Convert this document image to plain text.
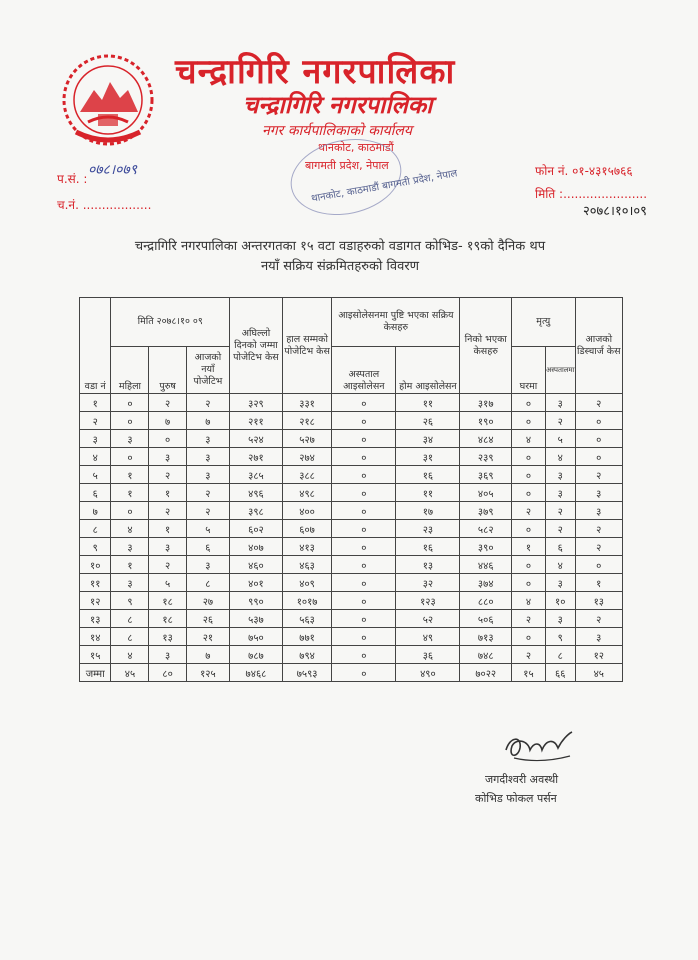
चन्द्रागिरि नगरपालिका
चन्द्रागिरि नगरपालिका
नगर कार्यपालिकाको कार्यालय
थानकोट, काठमाडौं
बागमती प्रदेश, नेपाल
थानकोट, काठमाडौं बागमती प्रदेश, नेपाल
प.सं. :
०७८।०७९
च.नं. ..................
फोन नं. ०१-४३१५७६६
मिति :......................
२०७८।१०।०९
चन्द्रागिरि नगरपालिका अन्तरगतका १५ वटा वडाहरुको वडागत कोभिड- १९को दैनिक थप
नयाँ सक्रिय संक्रमितहरुको विवरण
वडा नं	मिति २०७८।१० ०९			अघिल्लो दिनको जम्मा पोजेटिभ केस	हाल सम्मको पोजेटिभ केस	आइसोलेसनमा पुष्टि भएका सक्रिय केसहरु		निको भएका केसहरु	मृत्यु		आजको डिस्चार्ज केस
	महिला	पुरुष	आजको नयाँ पोजेटिभ			अस्पताल आइसोलेसन	होम आइसोलेसन		घरमा	अस्पतालमा	
१	०	२	२	३२९	३३१	०	११	३१७	०	३	२
२	०	७	७	२११	२१८	०	२६	१९०	०	२	०
३	३	०	३	५२४	५२७	०	३४	४८४	४	५	०
४	०	३	३	२७१	२७४	०	३१	२३९	०	४	०
५	१	२	३	३८५	३८८	०	१६	३६९	०	३	२
६	१	१	२	४९६	४९८	०	११	४०५	०	३	३
७	०	२	२	३९८	४००	०	१७	३७९	२	२	३
८	४	१	५	६०२	६०७	०	२३	५८२	०	२	२
९	३	३	६	४०७	४१३	०	१६	३९०	१	६	२
१०	१	२	३	४६०	४६३	०	१३	४४६	०	४	०
११	३	५	८	४०१	४०९	०	३२	३७४	०	३	१
१२	९	१८	२७	९९०	१०१७	०	१२३	८८०	४	१०	१३
१३	८	१८	२६	५३७	५६३	०	५२	५०६	२	३	२
१४	८	१३	२१	७५०	७७१	०	४९	७१३	०	९	३
१५	४	३	७	७८७	७९४	०	३६	७४८	२	८	१२
जम्मा	४५	८०	१२५	७४६८	७५९३	०	४९०	७०२२	१५	६६	४५
जगदीश्वरी अवस्थी
कोभिड फोकल पर्सन
